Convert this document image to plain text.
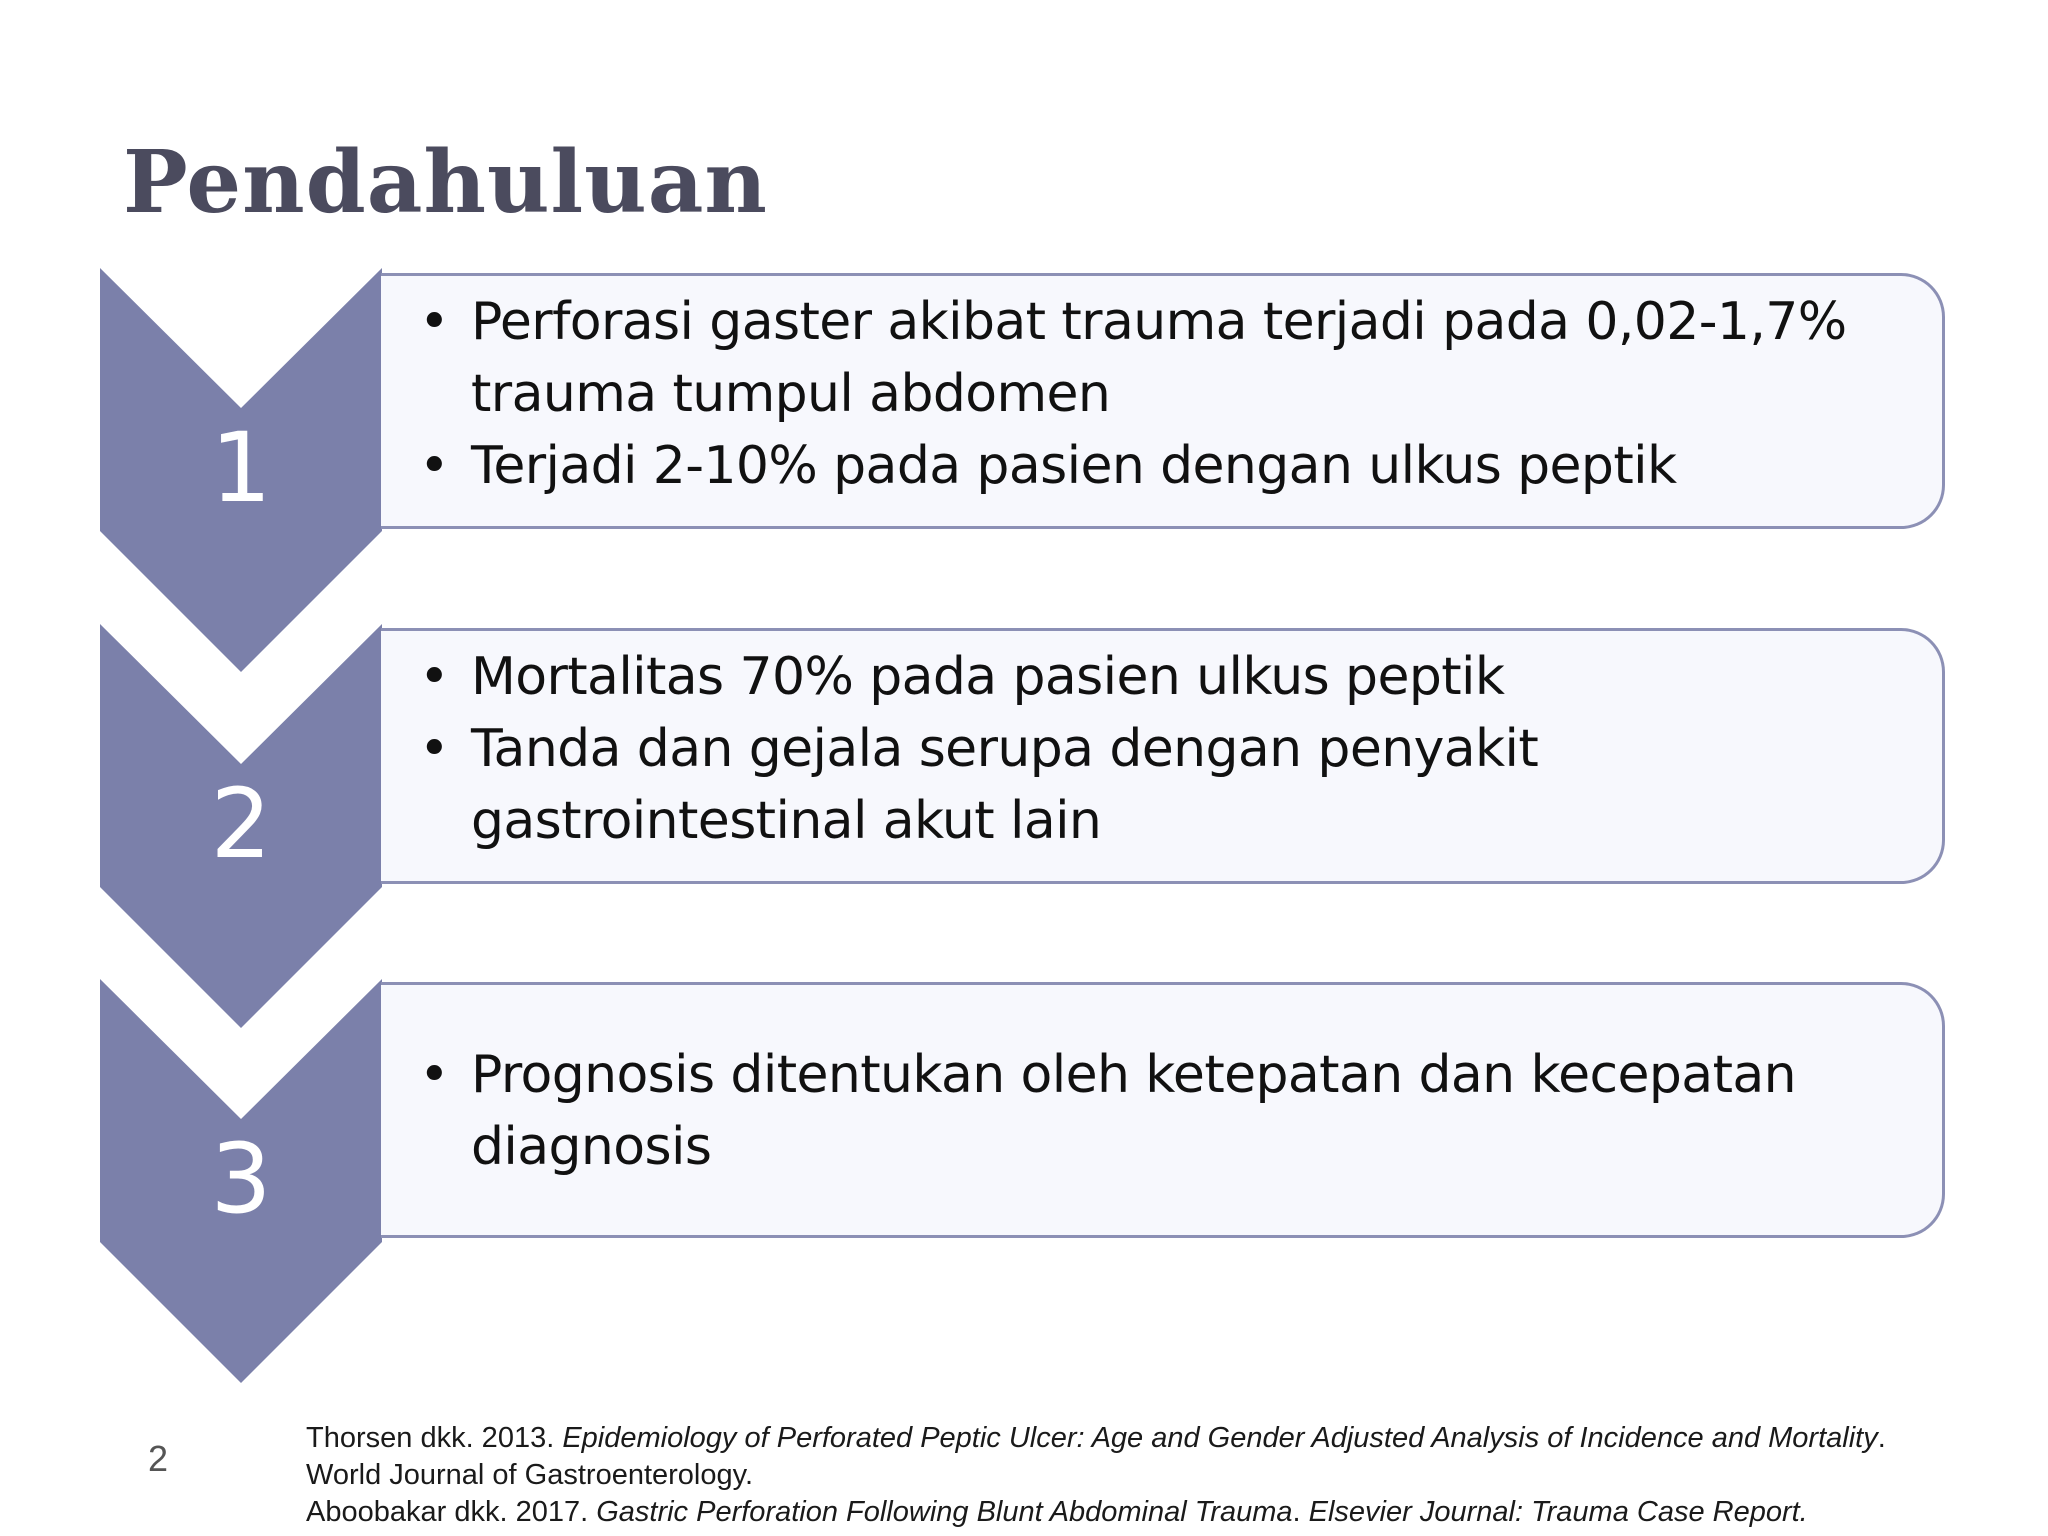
Pendahuluan
1
• Perforasi gaster akibat trauma terjadi pada 0,02-1,7% trauma tumpul abdomen
• Terjadi 2-10% pada pasien dengan ulkus peptik
2
• Mortalitas 70% pada pasien ulkus peptik
• Tanda dan gejala serupa dengan penyakit gastrointestinal akut lain
3
• Prognosis ditentukan oleh ketepatan dan kecepatan diagnosis
2	Thorsen dkk. 2013. Epidemiology of Perforated Peptic Ulcer: Age and Gender Adjusted Analysis of Incidence and Mortality.
World Journal of Gastroenterology.
Aboobakar dkk. 2017. Gastric Perforation Following Blunt Abdominal Trauma. Elsevier Journal: Trauma Case Report.
